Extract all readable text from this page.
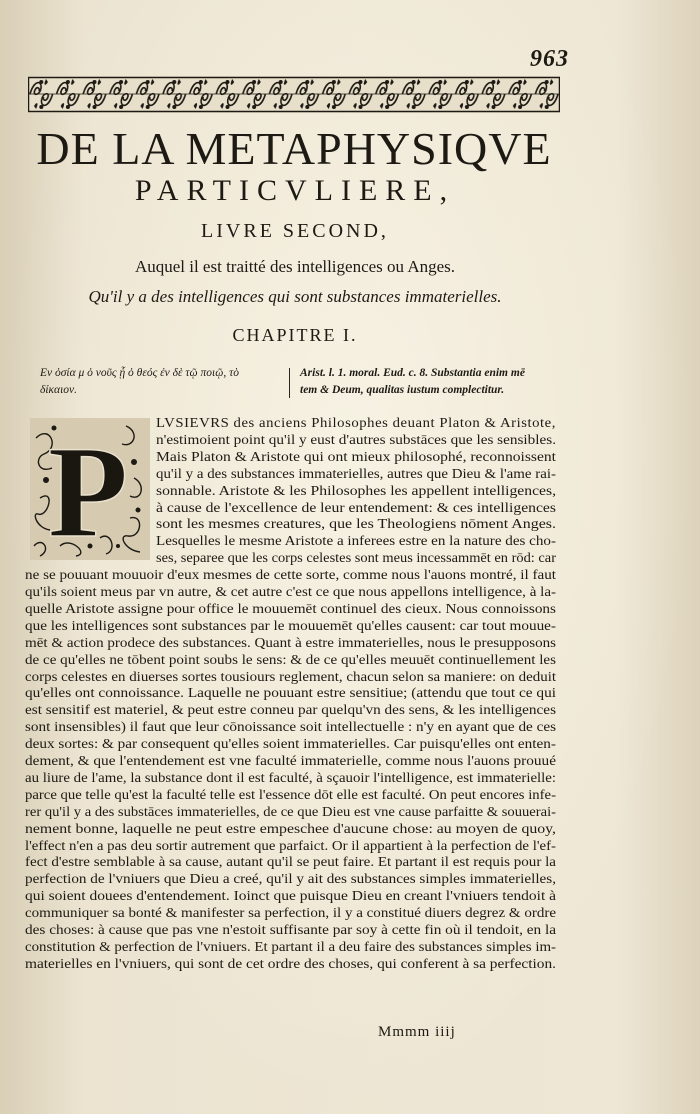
963
DE LA METAPHYSIQVE
PARTICVLIERE,
LIVRE SECOND,
Auquel il est traitté des intelligences ou Anges.
Qu'il y a des intelligences qui sont substances immaterielles.
CHAPITRE I.
Εν ὁσία μ ὁ νοῦς ᾗ ὁ θεός ἐν δὲ τῷ ποιῷ, τὸ
δίκαιον.
Arist. l. 1. moral. Eud. c. 8. Substantia enim mē
tem & Deum, qualitas iustum complectitur.
P LVSIEVRS des anciens Philosophes deuant Platon & Aristote,
n'estimoient point qu'il y eust d'autres substāces que les sensibles.
Mais Platon & Aristote qui ont mieux philosophé, reconnoissent
qu'il y a des substances immaterielles, autres que Dieu & l'ame rai-
sonnable. Aristote & les Philosophes les appellent intelligences,
à cause de l'excellence de leur entendement: & ces intelligences
sont les mesmes creatures, que les Theologiens nōment Anges.
Lesquelles le mesme Aristote a inferees estre en la nature des cho-
ses, separee que les corps celestes sont meus incessammēt en rōd: car
ne se pouuant mouuoir d'eux mesmes de cette sorte, comme nous l'auons montré, il faut
qu'ils soient meus par vn autre, & cet autre c'est ce que nous appellons intelligence, à la-
quelle Aristote assigne pour office le mouuemēt continuel des cieux. Nous connoissons
que les intelligences sont substances par le mouuemēt qu'elles causent: car tout mouue-
mēt & action prodece des substances. Quant à estre immaterielles, nous le presupposons
de ce qu'elles ne tōbent point soubs le sens: & de ce qu'elles meuuēt continuellement les
corps celestes en diuerses sortes tousiours reglement, chacun selon sa maniere: on deduit
qu'elles ont connoissance. Laquelle ne pouuant estre sensitiue; (attendu que tout ce qui
est sensitif est materiel, & peut estre conneu par quelqu'vn des sens, & les intelligences
sont insensibles) il faut que leur cōnoissance soit intellectuelle : n'y en ayant que de ces
deux sortes: & par consequent qu'elles soient immaterielles. Car puisqu'elles ont enten-
dement, & que l'entendement est vne faculté immaterielle, comme nous l'auons prouué
au liure de l'ame, la substance dont il est faculté, à sçauoir l'intelligence, est immaterielle:
parce que telle qu'est la faculté telle est l'essence dōt elle est faculté. On peut encores infe-
rer qu'il y a des substāces immaterielles, de ce que Dieu est vne cause parfaitte & souuerai-
nement bonne, laquelle ne peut estre empeschee d'aucune chose: au moyen de quoy,
l'effect n'en a pas deu sortir autrement que parfaict. Or il appartient à la perfection de l'ef-
fect d'estre semblable à sa cause, autant qu'il se peut faire. Et partant il est requis pour la
perfection de l'vniuers que Dieu a creé, qu'il y ait des substances simples immaterielles,
qui soient douees d'entendement. Ioinct que puisque Dieu en creant l'vniuers tendoit à
communiquer sa bonté & manifester sa perfection, il y a constitué diuers degrez & ordre
des choses: à cause que pas vne n'estoit suffisante par soy à cette fin où il tendoit, en la
constitution & perfection de l'vniuers. Et partant il a deu faire des substances simples im-
materielles en l'vniuers, qui sont de cet ordre des choses, qui conferent à sa perfection.
Mmmm iiij
